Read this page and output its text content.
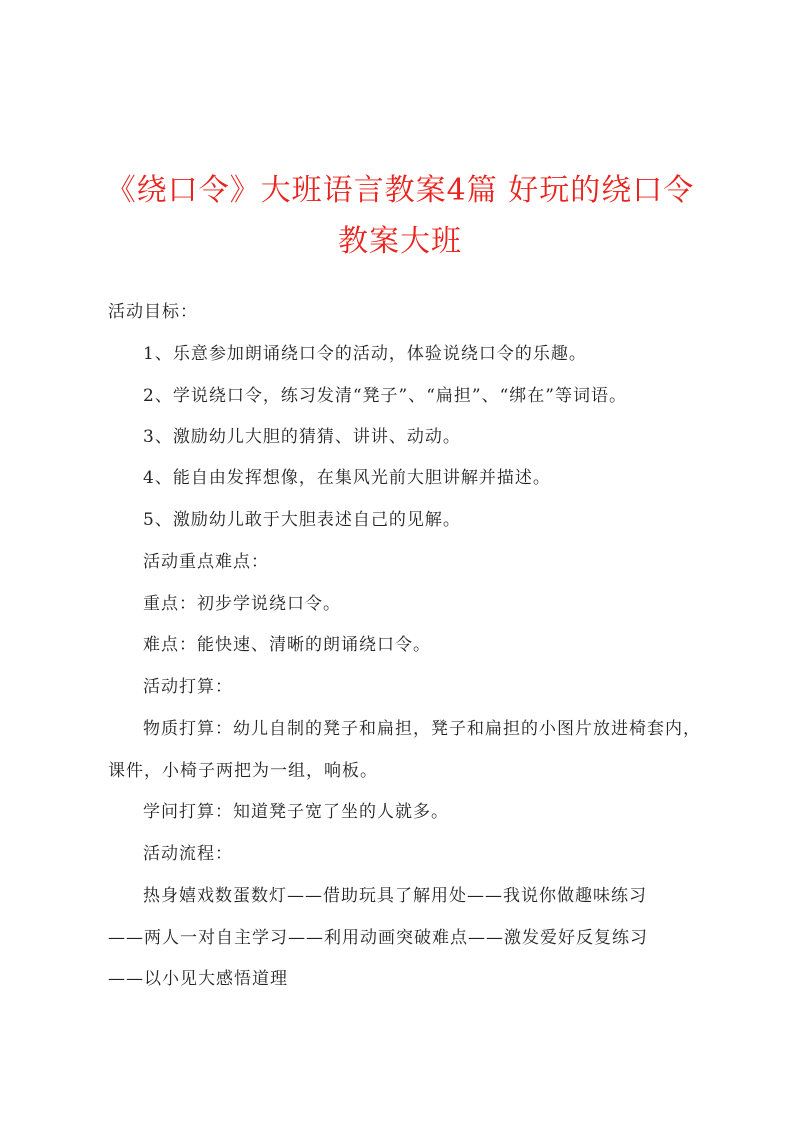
《绕口令》大班语言教案4篇 好玩的绕口令
教案大班
活动目标：
1、乐意参加朗诵绕口令的活动，体验说绕口令的乐趣。
2、学说绕口令，练习发清“凳子”、“扁担”、“绑在”等词语。
3、激励幼儿大胆的猜猜、讲讲、动动。
4、能自由发挥想像，在集风光前大胆讲解并描述。
5、激励幼儿敢于大胆表述自己的见解。
活动重点难点：
重点：初步学说绕口令。
难点：能快速、清晰的朗诵绕口令。
活动打算：
物质打算：幼儿自制的凳子和扁担，凳子和扁担的小图片放进椅套内，
课件，小椅子两把为一组，响板。
学问打算：知道凳子宽了坐的人就多。
活动流程：
热身嬉戏数蛋数灯——借助玩具了解用处——我说你做趣味练习
——两人一对自主学习——利用动画突破难点——激发爱好反复练习
——以小见大感悟道理
